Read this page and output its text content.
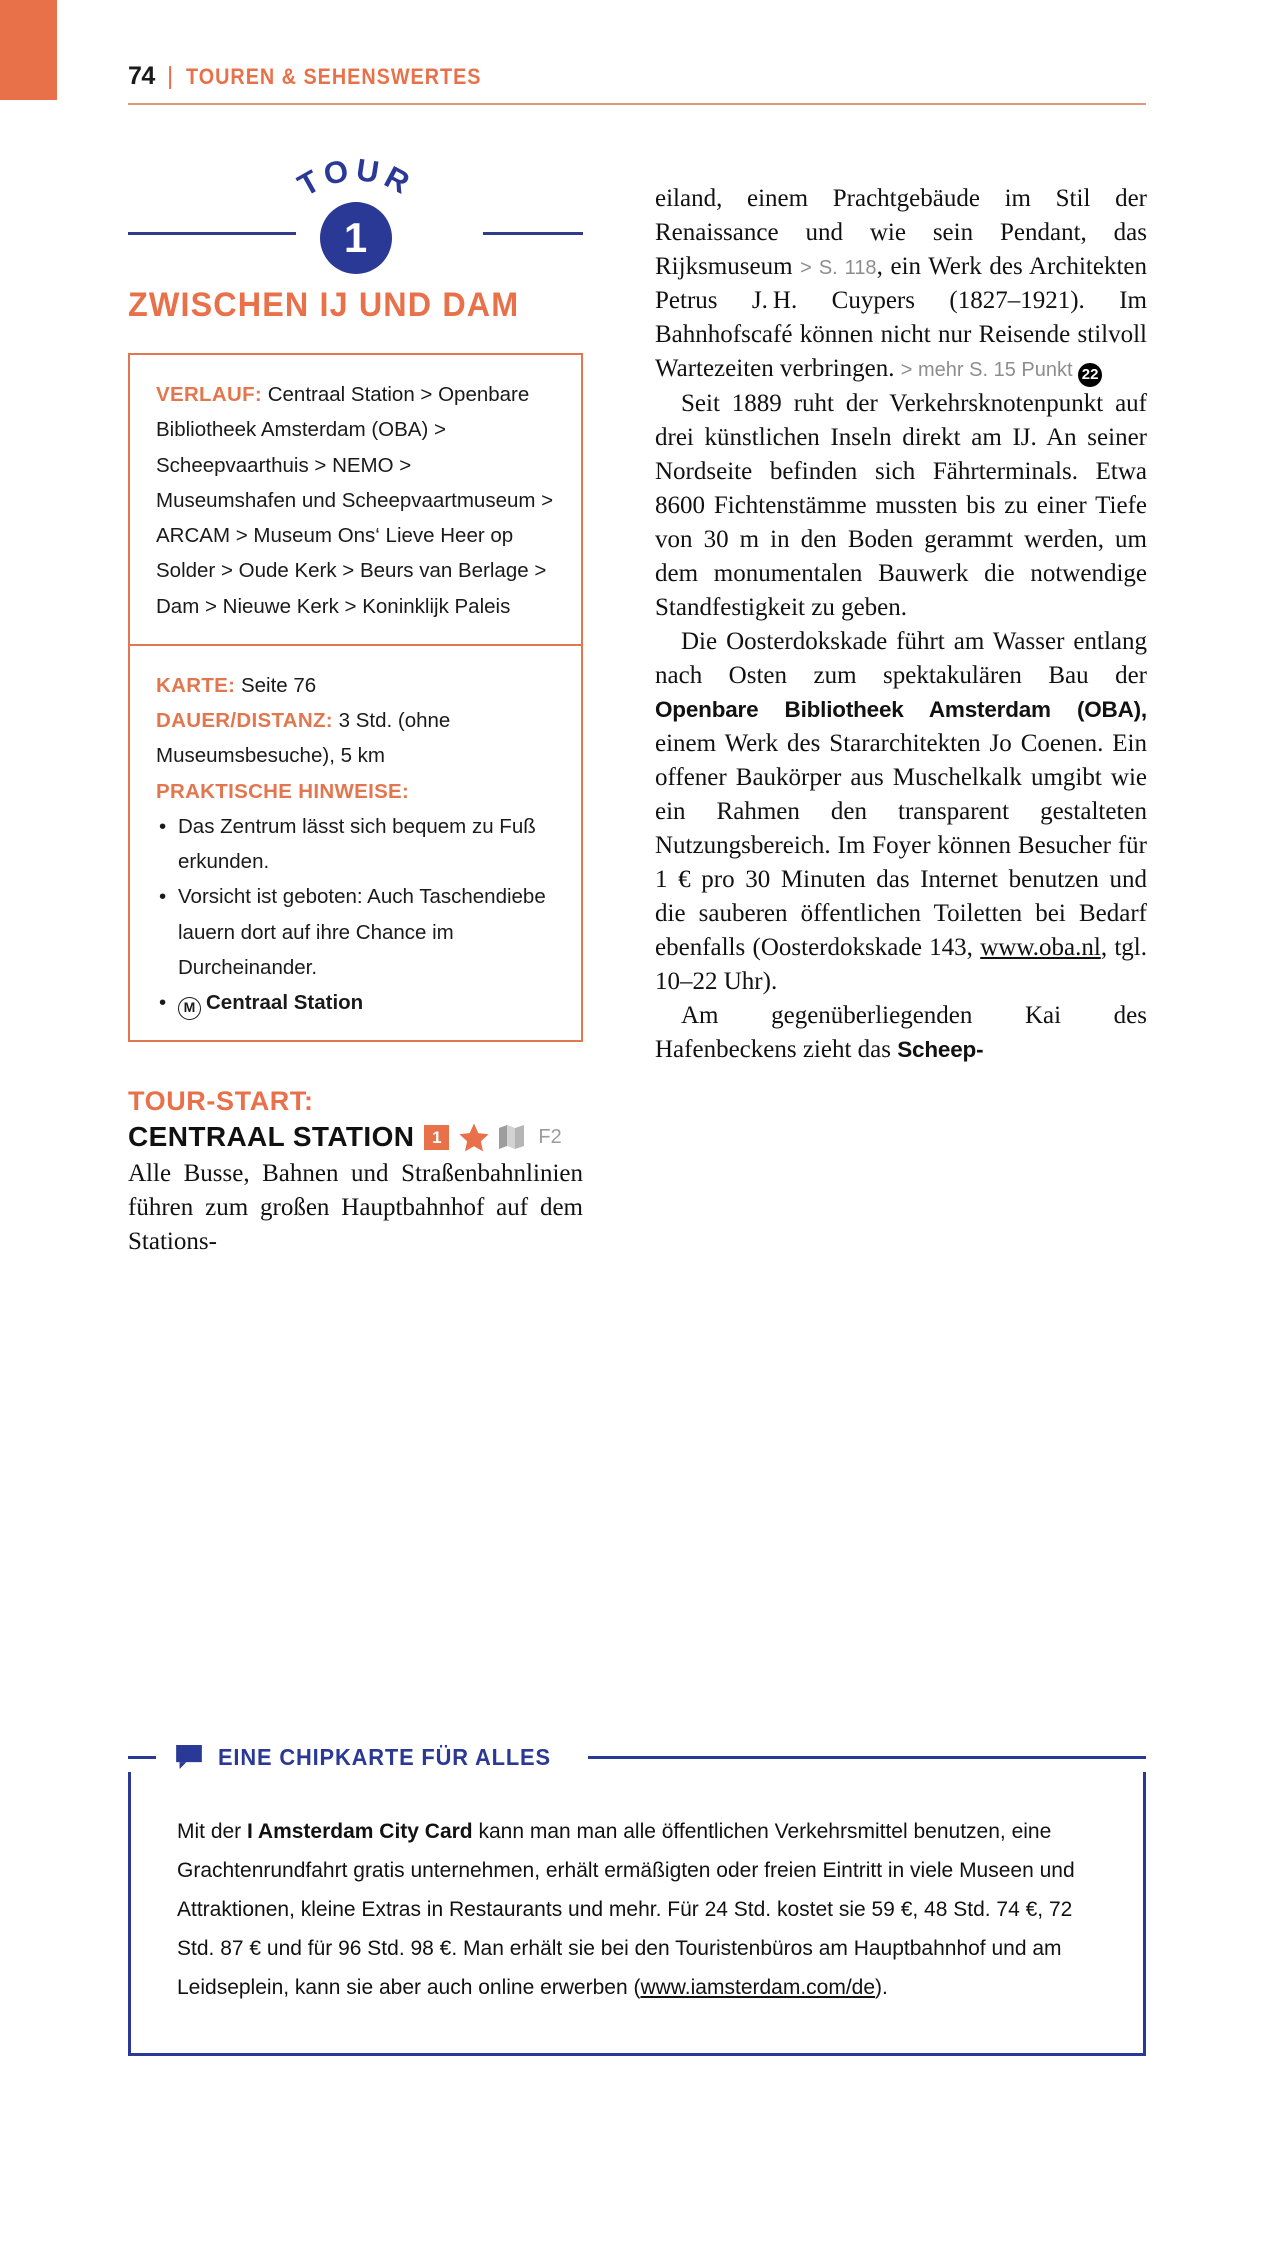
74 | TOUREN & SEHENSWERTES
TOUR
1
ZWISCHEN IJ UND DAM
VERLAUF: Centraal Station > Openbare Bibliotheek Amsterdam (OBA) > Scheepvaarthuis > NEMO > Museumshafen und Scheepvaartmuseum > ARCAM > Museum Ons‘ Lieve Heer op Solder > Oude Kerk > Beurs van Berlage > Dam > Nieuwe Kerk > Koninklijk Paleis
KARTE: Seite 76
DAUER/DISTANZ: 3 Std. (ohne Museumsbesuche), 5 km
PRAKTISCHE HINWEISE:
• Das Zentrum lässt sich bequem zu Fuß erkunden.
• Vorsicht ist geboten: Auch Taschendiebe lauern dort auf ihre Chance im Durcheinander.
• M Centraal Station
TOUR-START:
CENTRAAL STATION	1	F2

Alle Busse, Bahnen und Straßenbahnlinien führen zum großen Hauptbahnhof auf dem Stations-

eiland, einem Prachtgebäude im Stil der Renaissance und wie sein Pendant, das Rijksmuseum > S. 118, ein Werk des Architekten Petrus J. H. Cuypers (1827–1921). Im Bahnhofscafé können nicht nur Reisende stilvoll Wartezeiten verbringen. > mehr S. 15 Punkt 22

Seit 1889 ruht der Verkehrsknotenpunkt auf drei künstlichen Inseln direkt am IJ. An seiner Nordseite befinden sich Fährterminals. Etwa 8600 Fichtenstämme mussten bis zu einer Tiefe von 30 m in den Boden gerammt werden, um dem monumentalen Bauwerk die notwendige Standfestigkeit zu geben.

Die Oosterdokskade führt am Wasser entlang nach Osten zum spektakulären Bau der Openbare Bibliotheek Amsterdam (OBA), einem Werk des Stararchitekten Jo Coenen. Ein offener Baukörper aus Muschelkalk umgibt wie ein Rahmen den transparent gestalteten Nutzungsbereich. Im Foyer können Besucher für 1 € pro 30 Minuten das Internet benutzen und die sauberen öffentlichen Toiletten bei Bedarf ebenfalls (Oosterdokskade 143, www.oba.nl, tgl. 10–22 Uhr).

Am gegenüberliegenden Kai des Hafenbeckens zieht das Scheep-

EINE CHIPKARTE FÜR ALLES
Mit der I Amsterdam City Card kann man man alle öffentlichen Verkehrsmittel benutzen, eine Grachtenrundfahrt gratis unternehmen, erhält ermäßigten oder freien Eintritt in viele Museen und Attraktionen, kleine Extras in Restaurants und mehr. Für 24 Std. kostet sie 59 €, 48 Std. 74 €, 72 Std. 87 € und für 96 Std. 98 €. Man erhält sie bei den Touristenbüros am Hauptbahnhof und am Leidseplein, kann sie aber auch online erwerben (www.iamsterdam.com/de).
